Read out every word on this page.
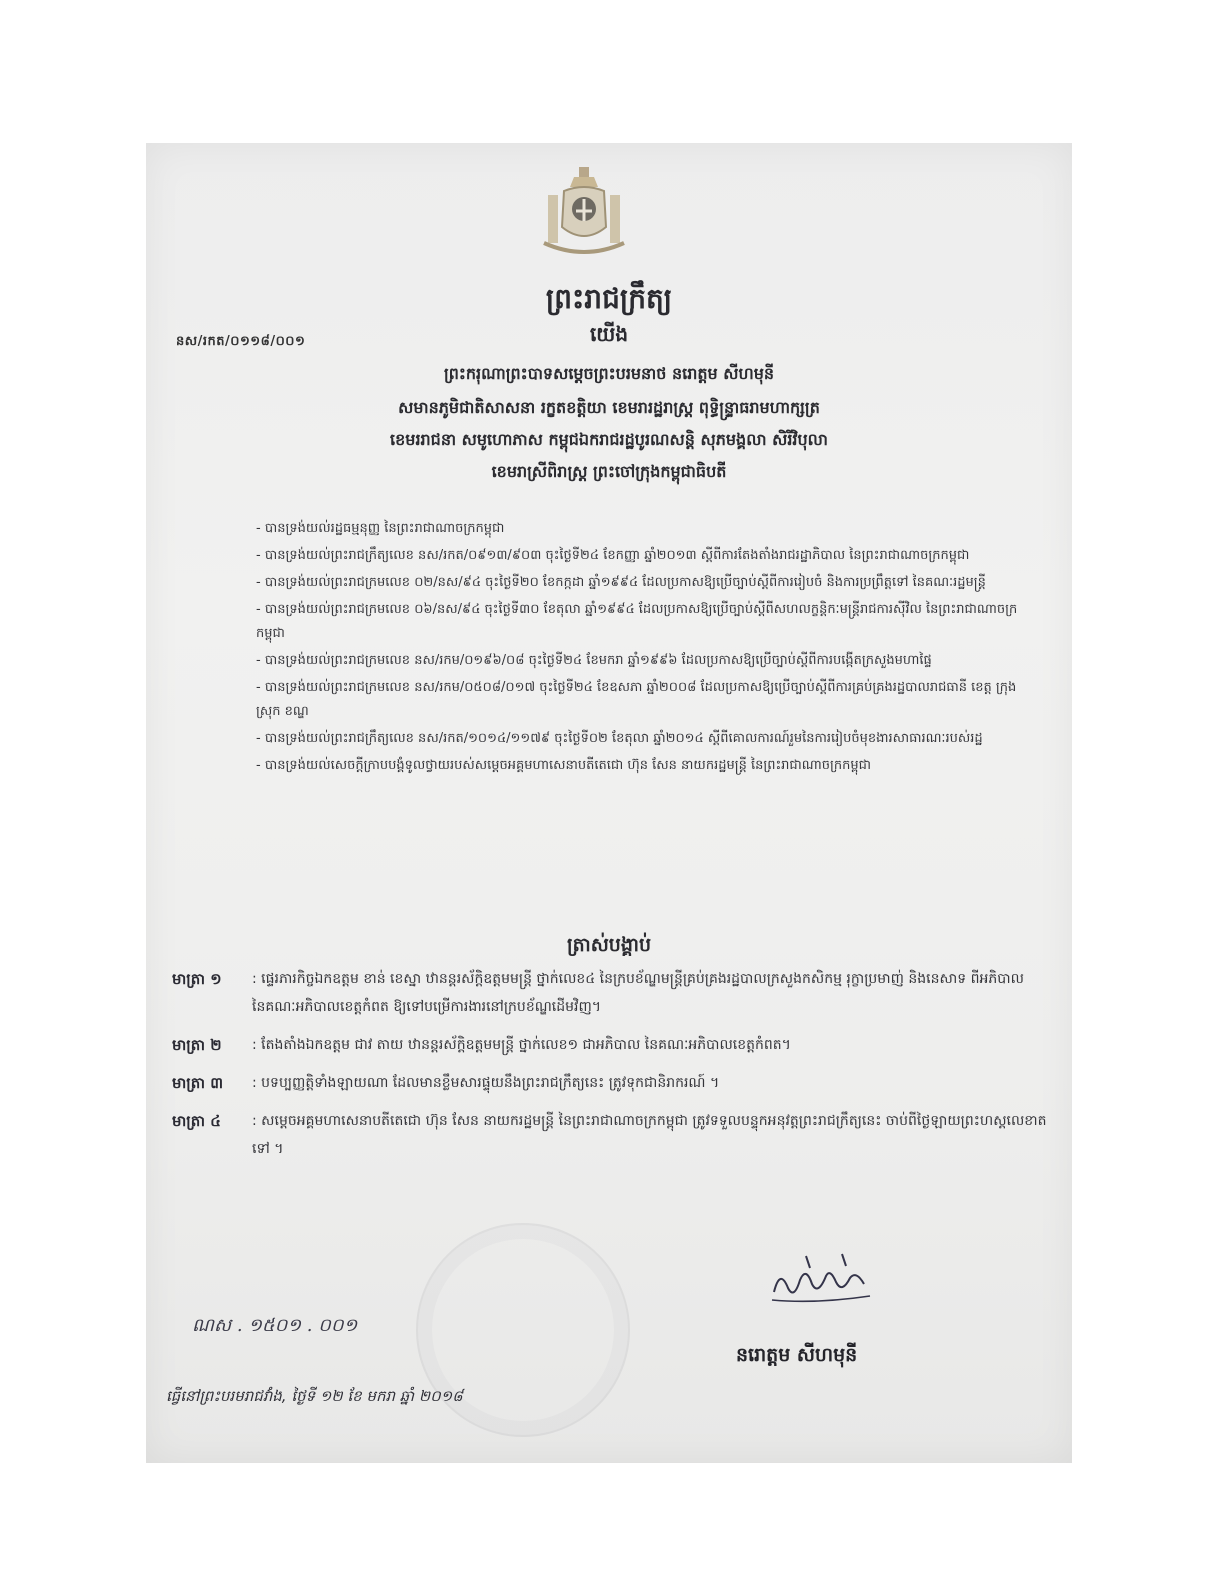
ព្រះរាជក្រឹត្យ
យើង
នស/រកត/០១១៨/០០១
ព្រះករុណាព្រះបាទសម្តេចព្រះបរមនាថ នរោត្តម សីហមុនី
សមានភូមិជាតិសាសនា រក្ខតខត្តិយា ខេមរារដ្ឋរាស្ត្រ ពុទ្ធិន្ទ្រាធរាមហាក្សត្រ
ខេមររាជនា សមូហោភាស កម្ពុជឯករាជរដ្ឋបូរណសន្តិ សុភមង្គលា សិរីវិបុលា
ខេមរាស្រីពិរាស្ត្រ ព្រះចៅក្រុងកម្ពុជាធិបតី
- បានទ្រង់យល់រដ្ឋធម្មនុញ្ញ នៃព្រះរាជាណាចក្រកម្ពុជា
- បានទ្រង់យល់ព្រះរាជក្រឹត្យលេខ នស/រកត/០៩១៣/៩០៣ ចុះថ្ងៃទី២៤ ខែកញ្ញា ឆ្នាំ២០១៣ ស្តីពីការតែងតាំងរាជរដ្ឋាភិបាល នៃព្រះរាជាណាចក្រកម្ពុជា
- បានទ្រង់យល់ព្រះរាជក្រមលេខ ០២/នស/៩៤ ចុះថ្ងៃទី២០ ខែកក្កដា ឆ្នាំ១៩៩៤ ដែលប្រកាសឱ្យប្រើច្បាប់ស្តីពីការរៀបចំ និងការប្រព្រឹត្តទៅ នៃគណៈរដ្ឋមន្ត្រី
- បានទ្រង់យល់ព្រះរាជក្រមលេខ ០៦/នស/៩៤ ចុះថ្ងៃទី៣០ ខែតុលា ឆ្នាំ១៩៩៤ ដែលប្រកាសឱ្យប្រើច្បាប់ស្តីពីសហលក្ខន្តិកៈមន្ត្រីរាជការស៊ីវិល នៃព្រះរាជាណាចក្រកម្ពុជា
- បានទ្រង់យល់ព្រះរាជក្រមលេខ នស/រកម/០១៩៦/០៨ ចុះថ្ងៃទី២៤ ខែមករា ឆ្នាំ១៩៩៦ ដែលប្រកាសឱ្យប្រើច្បាប់ស្តីពីការបង្កើតក្រសួងមហាផ្ទៃ
- បានទ្រង់យល់ព្រះរាជក្រមលេខ នស/រកម/០៥០៨/០១៧ ចុះថ្ងៃទី២៤ ខែឧសភា ឆ្នាំ២០០៨ ដែលប្រកាសឱ្យប្រើច្បាប់ស្តីពីការគ្រប់គ្រងរដ្ឋបាលរាជធានី ខេត្ត ក្រុង ស្រុក ខណ្ឌ
- បានទ្រង់យល់ព្រះរាជក្រឹត្យលេខ នស/រកត/១០១៤/១១៧៩ ចុះថ្ងៃទី០២ ខែតុលា ឆ្នាំ២០១៤ ស្តីពីគោលការណ៍រួមនៃការរៀបចំមុខងារសាធារណៈរបស់រដ្ឋ
- បានទ្រង់យល់សេចក្តីក្រាបបង្គំទូលថ្វាយរបស់សម្តេចអគ្គមហាសេនាបតីតេជោ ហ៊ុន សែន នាយករដ្ឋមន្ត្រី នៃព្រះរាជាណាចក្រកម្ពុជា
ត្រាស់បង្គាប់
មាត្រា ១	: ផ្ទេរភារកិច្ចឯកឧត្តម ខាន់ ខេស្នា ឋានន្តរស័ក្តិឧត្តមមន្ត្រី ថ្នាក់លេខ៤ នៃក្របខ័ណ្ឌមន្ត្រីគ្រប់គ្រងរដ្ឋបាលក្រសួងកសិកម្ម រុក្ខាប្រមាញ់ និងនេសាទ ពីអភិបាល នៃគណៈអភិបាលខេត្តកំពត ឱ្យទៅបម្រើការងារនៅក្របខ័ណ្ឌដើមវិញ។
មាត្រា ២	: តែងតាំងឯកឧត្តម ជាវ តាយ ឋានន្តរស័ក្តិឧត្តមមន្ត្រី ថ្នាក់លេខ១ ជាអភិបាល នៃគណៈអភិបាលខេត្តកំពត។
មាត្រា ៣	: បទប្បញ្ញត្តិទាំងឡាយណា ដែលមានខ្លឹមសារផ្ទុយនឹងព្រះរាជក្រឹត្យនេះ ត្រូវទុកជានិរាករណ៍ ។
មាត្រា ៤	: សម្តេចអគ្គមហាសេនាបតីតេជោ ហ៊ុន សែន នាយករដ្ឋមន្ត្រី នៃព្រះរាជាណាចក្រកម្ពុជា ត្រូវទទួលបន្ទុកអនុវត្តព្រះរាជក្រឹត្យនេះ ចាប់ពីថ្ងៃឡាយព្រះហស្តលេខាតទៅ ។
ណស . ១៥០១ . ០០១
នរោត្តម សីហមុនី
ធ្វើនៅព្រះបរមរាជវាំង, ថ្ងៃទី ១២ ខែ មករា ឆ្នាំ ២០១៨
